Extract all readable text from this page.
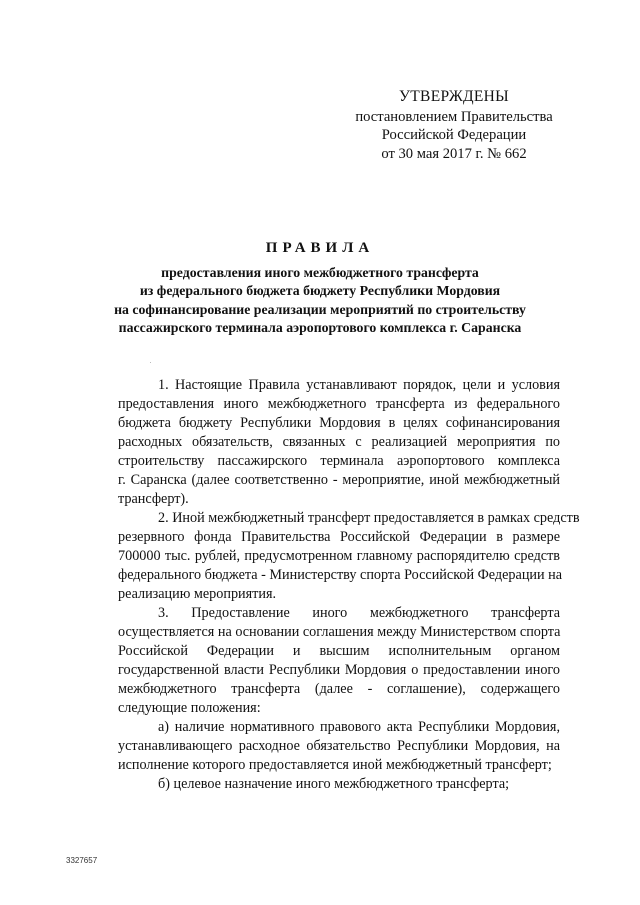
УТВЕРЖДЕНЫ
постановлением Правительства
Российской Федерации
от 30 мая 2017 г. № 662
ПРАВИЛА
предоставления иного межбюджетного трансферта
из федерального бюджета бюджету Республики Мордовия
на софинансирование реализации мероприятий по строительству
пассажирского терминала аэропортового комплекса г. Саранска
1. Настоящие Правила устанавливают порядок, цели и условия
предоставления иного межбюджетного трансферта из федерального
бюджета бюджету Республики Мордовия в целях софинансирования
расходных обязательств, связанных с реализацией мероприятия по
строительству пассажирского терминала аэропортового комплекса
г. Саранска (далее соответственно - мероприятие, иной межбюджетный
трансферт).
2. Иной межбюджетный трансферт предоставляется в рамках средств
резервного фонда Правительства Российской Федерации в размере
700000 тыс. рублей, предусмотренном главному распорядителю средств
федерального бюджета - Министерству спорта Российской Федерации на
реализацию мероприятия.
3. Предоставление иного межбюджетного трансферта
осуществляется на основании соглашения между Министерством спорта
Российской Федерации и высшим исполнительным органом
государственной власти Республики Мордовия о предоставлении иного
межбюджетного трансферта (далее - соглашение), содержащего
следующие положения:
а) наличие нормативного правового акта Республики Мордовия,
устанавливающего расходное обязательство Республики Мордовия, на
исполнение которого предоставляется иной межбюджетный трансферт;
б) целевое назначение иного межбюджетного трансферта;
3327657
